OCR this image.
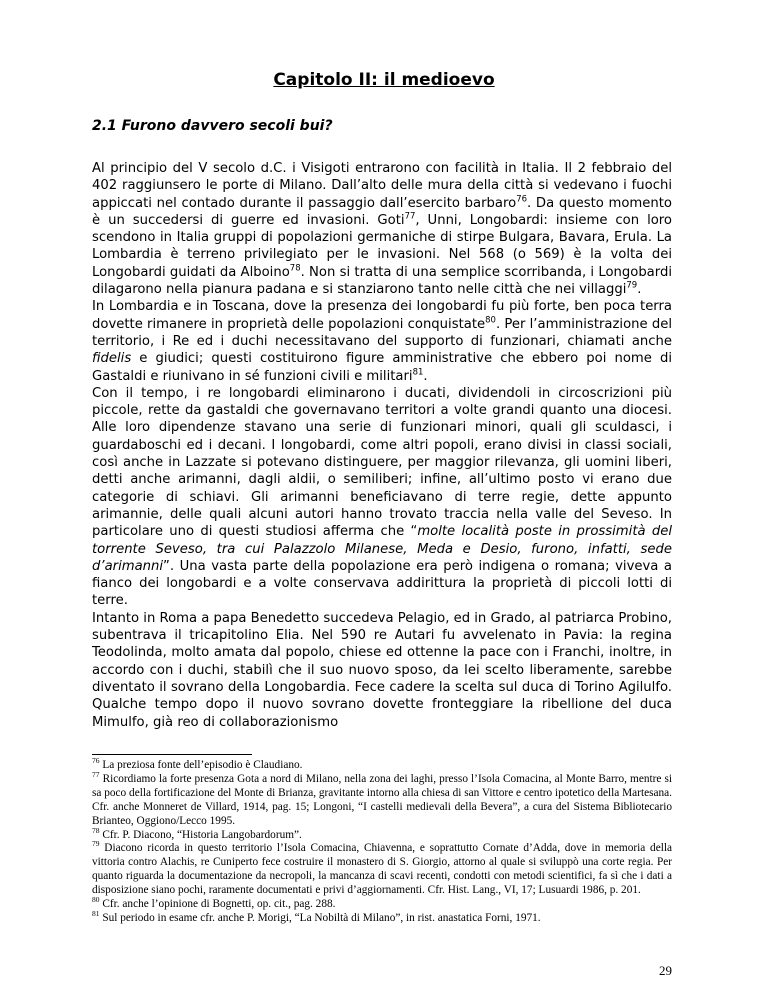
Capitolo II: il medioevo
2.1 Furono davvero secoli bui?

Al principio del V secolo d.C. i Visigoti entrarono con facilità in Italia. Il 2 febbraio del 402 raggiunsero le porte di Milano. Dall’alto delle mura della città si vedevano i fuochi appiccati nel contado durante il passaggio dall’esercito barbaro$^{76}$. Da questo momento è un succedersi di guerre ed invasioni. Goti$^{77}$, Unni, Longobardi: insieme con loro scendono in Italia gruppi di popolazioni germaniche di stirpe Bulgara, Bavara, Erula. La Lombardia è terreno privilegiato per le invasioni. Nel 568 (o 569) è la volta dei Longobardi guidati da Alboino$^{78}$. Non si tratta di una semplice scorribanda, i Longobardi dilagarono nella pianura padana e si stanziarono tanto nelle città che nei villaggi$^{79}$.

In Lombardia e in Toscana, dove la presenza dei longobardi fu più forte, ben poca terra dovette rimanere in proprietà delle popolazioni conquistate$^{80}$. Per l’amministrazione del territorio, i Re ed i duchi necessitavano del supporto di funzionari, chiamati anche fidelis e giudici; questi costituirono figure amministrative che ebbero poi nome di Gastaldi e riunivano in sé funzioni civili e militari$^{81}$.

Con il tempo, i re longobardi eliminarono i ducati, dividendoli in circoscrizioni più piccole, rette da gastaldi che governavano territori a volte grandi quanto una diocesi. Alle loro dipendenze stavano una serie di funzionari minori, quali gli sculdasci, i guardaboschi ed i decani. I longobardi, come altri popoli, erano divisi in classi sociali, così anche in Lazzate si potevano distinguere, per maggior rilevanza, gli uomini liberi, detti anche arimanni, dagli aldii, o semiliberi; infine, all’ultimo posto vi erano due categorie di schiavi. Gli arimanni beneficiavano di terre regie, dette appunto arimannie, delle quali alcuni autori hanno trovato traccia nella valle del Seveso. In particolare uno di questi studiosi afferma che “molte località poste in prossimità del torrente Seveso, tra cui Palazzolo Milanese, Meda e Desio, furono, infatti, sede d’arimanni”. Una vasta parte della popolazione era però indigena o romana; viveva a fianco dei longobardi e a volte conservava addirittura la proprietà di piccoli lotti di terre.

Intanto in Roma a papa Benedetto succedeva Pelagio, ed in Grado, al patriarca Probino, subentrava il tricapitolino Elia. Nel 590 re Autari fu avvelenato in Pavia: la regina Teodolinda, molto amata dal popolo, chiese ed ottenne la pace con i Franchi, inoltre, in accordo con i duchi, stabilì che il suo nuovo sposo, da lei scelto liberamente, sarebbe diventato il sovrano della Longobardia. Fece cadere la scelta sul duca di Torino Agilulfo. Qualche tempo dopo il nuovo sovrano dovette fronteggiare la ribellione del duca Mimulfo, già reo di collaborazionismo

$^{76}$ La preziosa fonte dell’episodio è Claudiano.

$^{77}$ Ricordiamo la forte presenza Gota a nord di Milano, nella zona dei laghi, presso l’Isola Comacina, al Monte Barro, mentre si sa poco della fortificazione del Monte di Brianza, gravitante intorno alla chiesa di san Vittore e centro ipotetico della Martesana. Cfr. anche Monneret de Villard, 1914, pag. 15; Longoni, “I castelli medievali della Bevera”, a cura del Sistema Bibliotecario Brianteo, Oggiono/Lecco 1995.

$^{78}$ Cfr. P. Diacono, “Historia Langobardorum”.

$^{79}$ Diacono ricorda in questo territorio l’Isola Comacina, Chiavenna, e soprattutto Cornate d’Adda, dove in memoria della vittoria contro Alachis, re Cuniperto fece costruire il monastero di S. Giorgio, attorno al quale si sviluppò una corte regia. Per quanto riguarda la documentazione da necropoli, la mancanza di scavi recenti, condotti con metodi scientifici, fa sì che i dati a disposizione siano pochi, raramente documentati e privi d’aggiornamenti. Cfr. Hist. Lang., VI, 17; Lusuardi 1986, p. 201.

$^{80}$ Cfr. anche l’opinione di Bognetti, op. cit., pag. 288.

$^{81}$ Sul periodo in esame cfr. anche P. Morigi, “La Nobiltà di Milano”, in rist. anastatica Forni, 1971.

29
